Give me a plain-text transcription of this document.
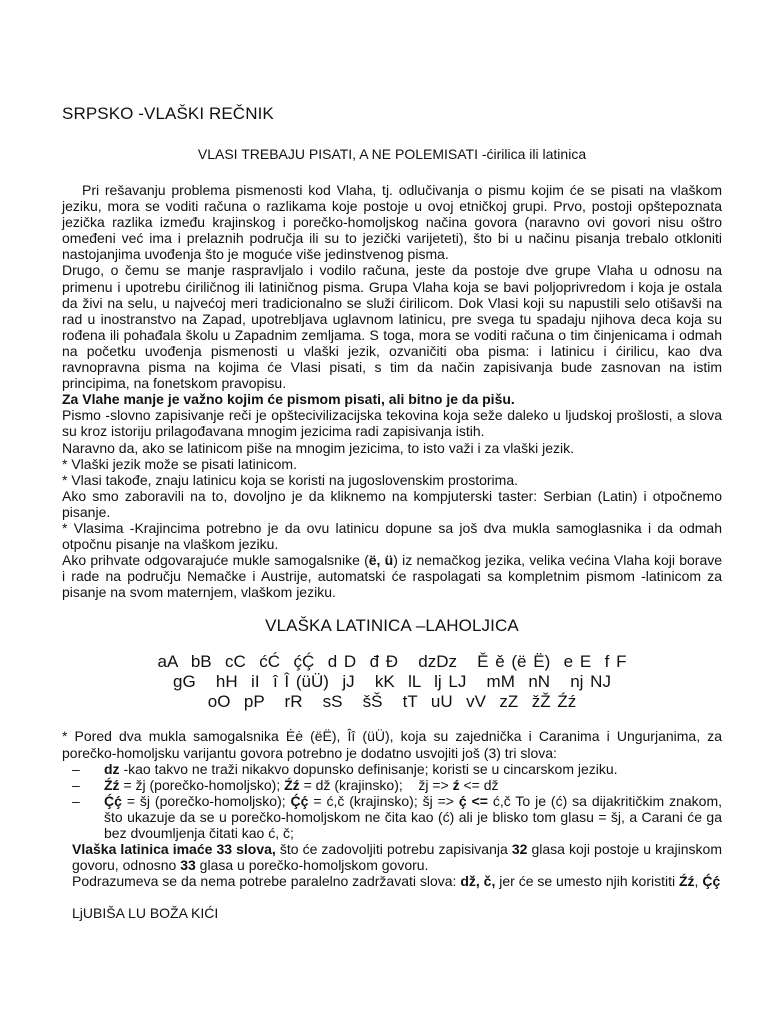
SRPSKO -VLAŠKI REČNIK

VLASI TREBAJU PISATI, A NE POLEMISATI -ćirilica ili latinica

Pri rešavanju problema pismenosti kod Vlaha, tj. odlučivanja o pismu kojim će se pisati na vlaškom jeziku, mora se voditi računa o razlikama koje postoje u ovoj etničkoj grupi. Prvo, postoji opštepoznata jezička razlika između krajinskog i porečko-homoljskog načina govora (naravno ovi govori nisu oštro omeđeni već ima i prelaznih područja ili su to jezički varijeteti), što bi u načinu pisanja trebalo otkloniti nastojanjima uvođenja što je moguće više jedinstvenog pisma.

Drugo, o čemu se manje raspravljalo i vodilo računa, jeste da postoje dve grupe Vlaha u odnosu na primenu i upotrebu ćiriličnog ili latiničnog pisma. Grupa Vlaha koja se bavi poljoprivredom i koja je ostala da živi na selu, u najvećoj meri tradicionalno se služi ćirilicom. Dok Vlasi koji su napustili selo otišavši na rad u inostranstvo na Zapad, upotrebljava uglavnom latinicu, pre svega tu spadaju njihova deca koja su rođena ili pohađala školu u Zapadnim zemljama. S toga, mora se voditi računa o tim činjenicama i odmah na početku uvođenja pismenosti u vlaški jezik, ozvaničiti oba pisma: i latinicu i ćirilicu, kao dva ravnopravna pisma na kojima će Vlasi pisati, s tim da način zapisivanja bude zasnovan na istim principima, na fonetskom pravopisu.

Za Vlahe manje je važno kojim će pismom pisati, ali bitno je da pišu.

Pismo -slovno zapisivanje reči je opštecivilizacijska tekovina koja seže daleko u ljudskoj prošlosti, a slova su kroz istoriju prilagođavana mnogim jezicima radi zapisivanja istih.

Naravno da, ako se latinicom piše na mnogim jezicima, to isto važi i za vlaški jezik.

* Vlaški jezik može se pisati latinicom.

* Vlasi takođe, znaju latinicu koja se koristi na jugoslovenskim prostorima.

Ako smo zaboravili na to, dovoljno je da kliknemo na kompjuterski taster: Serbian (Latin) i otpočnemo pisanje.

* Vlasima -Krajincima potrebno je da ovu latinicu dopune sa još dva mukla samoglasnika i da odmah otpočnu pisanje na vlaškom jeziku.

Ako prihvate odgovarajuće mukle samogalsnike (ë, ü) iz nemačkog jezika, velika većina Vlaha koji borave i rade na području Nemačke i Austrije, automatski će raspolagati sa kompletnim pismom -latinicom za pisanje na svom maternjem, vlaškom jeziku.

VLAŠKA LATINICA –LAHOLJICA
aA  bB  cC  ćĆ  ḉḈ  d D  đ Đ   dzDz   Ě ě (ë Ë)  e E  f F
gG   hH  iI  î Î (üÜ)  jJ   kK  lL  lj LJ   mM  nN   nj NJ
oO  pP   rR   sS   šŠ   tT  uU  vV  zZ  žŽ Źź

* Pored dva mukla samogalsnika Ėė (ëË), Îî (üÜ), koja su zajednička i Caranima i Ungurjanima, za porečko-homoljsku varijantu govora potrebno je dodatno usvojiti još (3) tri slova:

– dz -kao takvo ne traži nikakvo dopunsko definisanje; koristi se u cincarskom jeziku.

– Źź = žj (porečko-homoljsko); Źź = dž (krajinsko);    žj => ź <= dž

– Ḉḉ = šj (porečko-homoljsko); Ḉḉ = ć,č (krajinsko); šj => ḉ <= ć,č To je (ć) sa dijakritičkim znakom, što ukazuje da se u porečko-homoljskom ne čita kao (ć) ali je blisko tom glasu = šj, a Carani će ga bez dvoumljenja čitati kao ć, č;

Vlaška latinica imaće 33 slova, što će zadovoljiti potrebu zapisivanja 32 glasa koji postoje u krajinskom govoru, odnosno 33 glasa u porečko-homoljskom govoru.

Podrazumeva se da nema potrebe paralelno zadržavati slova: dž, č, jer će se umesto njih koristiti Źź, Ḉḉ

LjUBIŠA LU BOŽA KIĆI
